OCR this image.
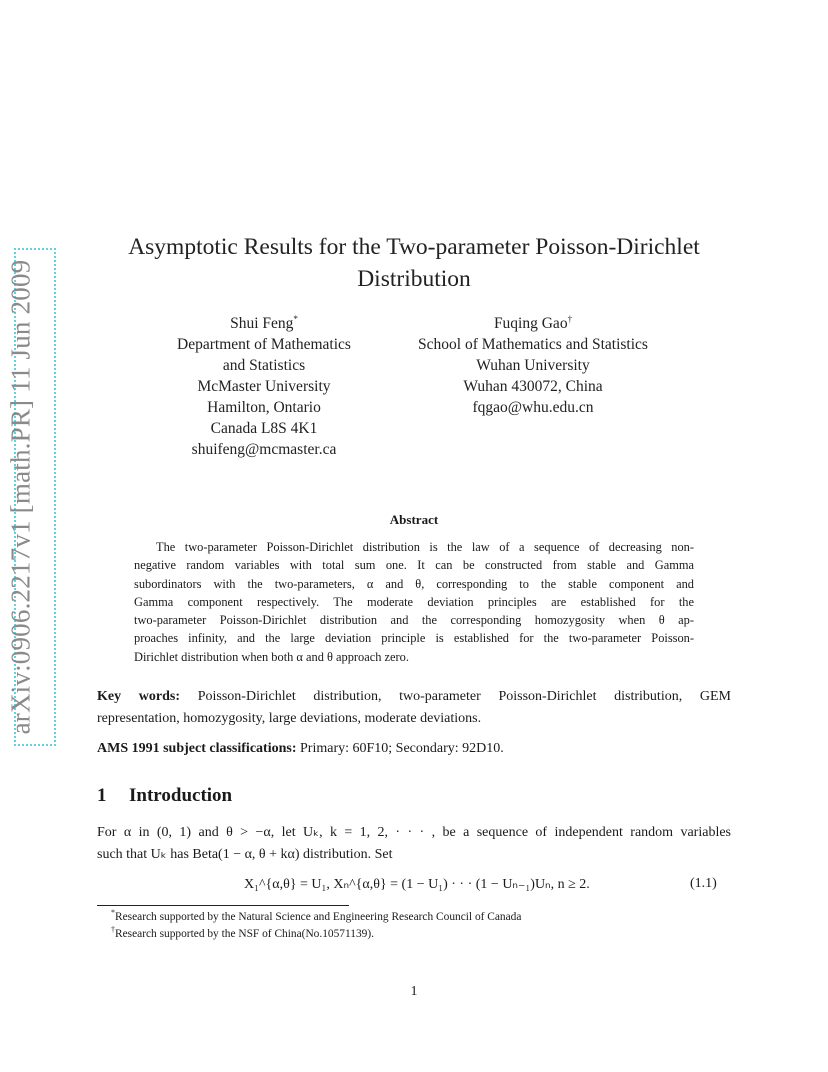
arXiv:0906.2217v1 [math.PR] 11 Jun 2009
Asymptotic Results for the Two-parameter Poisson-Dirichlet
Distribution
Shui Feng*
Department of Mathematics
and Statistics
McMaster University
Hamilton, Ontario
Canada L8S 4K1
shuifeng@mcmaster.ca
Fuqing Gao†
School of Mathematics and Statistics
Wuhan University
Wuhan 430072, China
fqgao@whu.edu.cn
Abstract
The two-parameter Poisson-Dirichlet distribution is the law of a sequence of decreasing non-
negative random variables with total sum one. It can be constructed from stable and Gamma
subordinators with the two-parameters, α and θ, corresponding to the stable component and
Gamma component respectively. The moderate deviation principles are established for the
two-parameter Poisson-Dirichlet distribution and the corresponding homozygosity when θ ap-
proaches infinity, and the large deviation principle is established for the two-parameter Poisson-
Dirichlet distribution when both α and θ approach zero.
Key words: Poisson-Dirichlet distribution, two-parameter Poisson-Dirichlet distribution, GEM
representation, homozygosity, large deviations, moderate deviations.
AMS 1991 subject classifications: Primary: 60F10; Secondary: 92D10.
1 Introduction
For α in (0, 1) and θ > −α, let Uₖ, k = 1, 2, · · · , be a sequence of independent random variables
such that Uₖ has Beta(1 − α, θ + kα) distribution. Set
X₁^{α,θ} = U₁, Xₙ^{α,θ} = (1 − U₁) · · · (1 − Uₙ₋₁)Uₙ, n ≥ 2.	(1.1)
*Research supported by the Natural Science and Engineering Research Council of Canada
†Research supported by the NSF of China(No.10571139).
1
